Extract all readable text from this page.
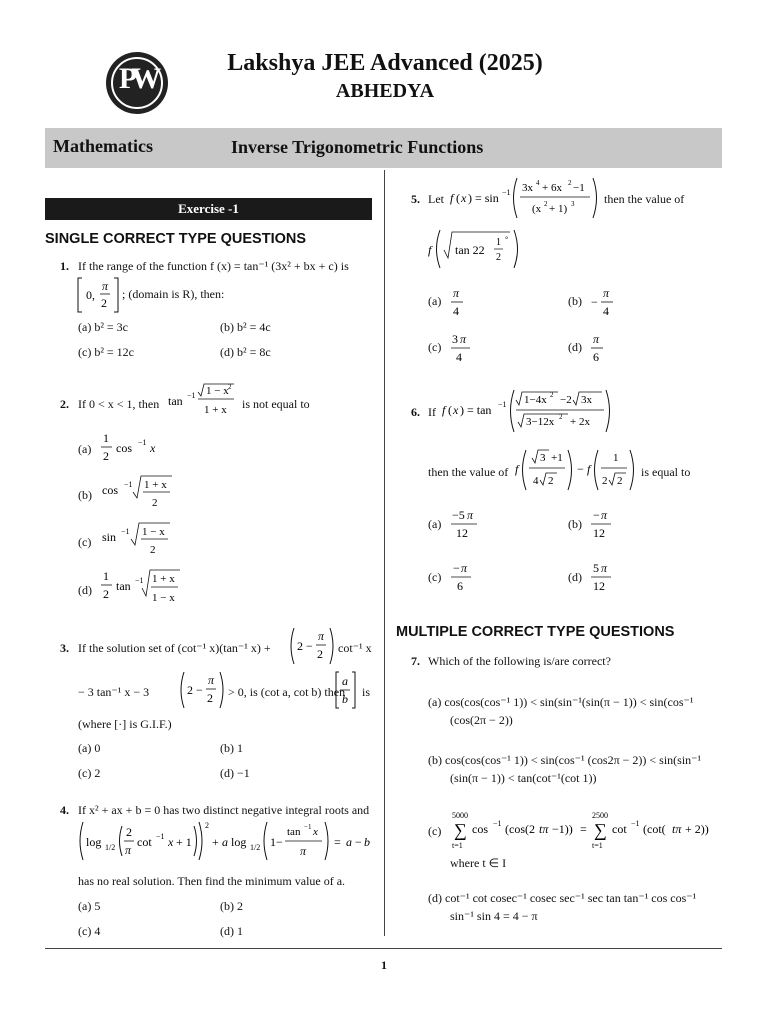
PW	Lakshya JEE Advanced (2025)
ABHEDYA
Mathematics	Inverse Trigonometric Functions
Exercise -1
SINGLE CORRECT TYPE QUESTIONS
1. If the range of the function f (x) = tan⁻¹ (3x² + bx + c) is
0,
π
2
; (domain is R), then:
(a) b² = 3c	(b) b² = 4c
(c) b² = 12c	(d) b² = 8c
2. If 0 < x < 1, then tan −1 1 − x 2
1 + x is not equal to
(a)
1
2
cos −1 x
(b) cos −1 1 + x
2
(c) sin −1 1 − x
2
(d)
1
2
tan −1 1 + x
1 − x
3. If the solution set of (cot⁻¹ x)(tan⁻¹ x) + 2 −
π
2 cot⁻¹ x
− 3 tan⁻¹ x − 3	2 −
π
2 > 0, is (cot a, cot b) then
a
b is
(where [·] is G.I.F.)
(a) 0	(b) 1
(c) 2	(d) −1
4. If x² + ax + b = 0 has two distinct negative integral roots and
log 1/2
2
π
cot −1 x + 1
2
+ a log 1/2 1−
tan −1 x
π
= a − b
has no real solution. Then find the minimum value of a.
(a) 5	(b) 2
(c) 4	(d) 1
5. Let f ( x ) = sin −1 3x 4 + 6x 2 −1
(x 2 + 1) 3 then the value of
f tan 22
1
2
°
(a)
π
4
(b) −
π
4
(c)
3 π
4
(d)
π
6
6. If f ( x ) = tan −1 1−4x 2 −2 3x
3−12x 2 + 2x
then the value of f
3 +1
4 2
− f
1
2 2
is equal to
(a)
−5 π
12
(b)
− π
12
(c)
− π
6
(d)
5 π
12
MULTIPLE CORRECT TYPE QUESTIONS
7. Which of the following is/are correct?
(a) cos(cos(cos⁻¹ 1)) < sin(sin⁻¹(sin(π − 1)) < sin(cos⁻¹
(cos(2π − 2))
(b) cos(cos(cos⁻¹ 1)) < sin(cos⁻¹ (cos2π − 2)) < sin(sin⁻¹
(sin(π − 1)) < tan(cot⁻¹(cot 1))
(c)
5000
∑
t=1
cos −1 (cos(2 tπ −1)) =
2500
∑
t=1
cot −1 (cot( tπ + 2))
where t ∈ I
(d) cot⁻¹ cot cosec⁻¹ cosec sec⁻¹ sec tan tan⁻¹ cos cos⁻¹
sin⁻¹ sin 4 = 4 − π
1
